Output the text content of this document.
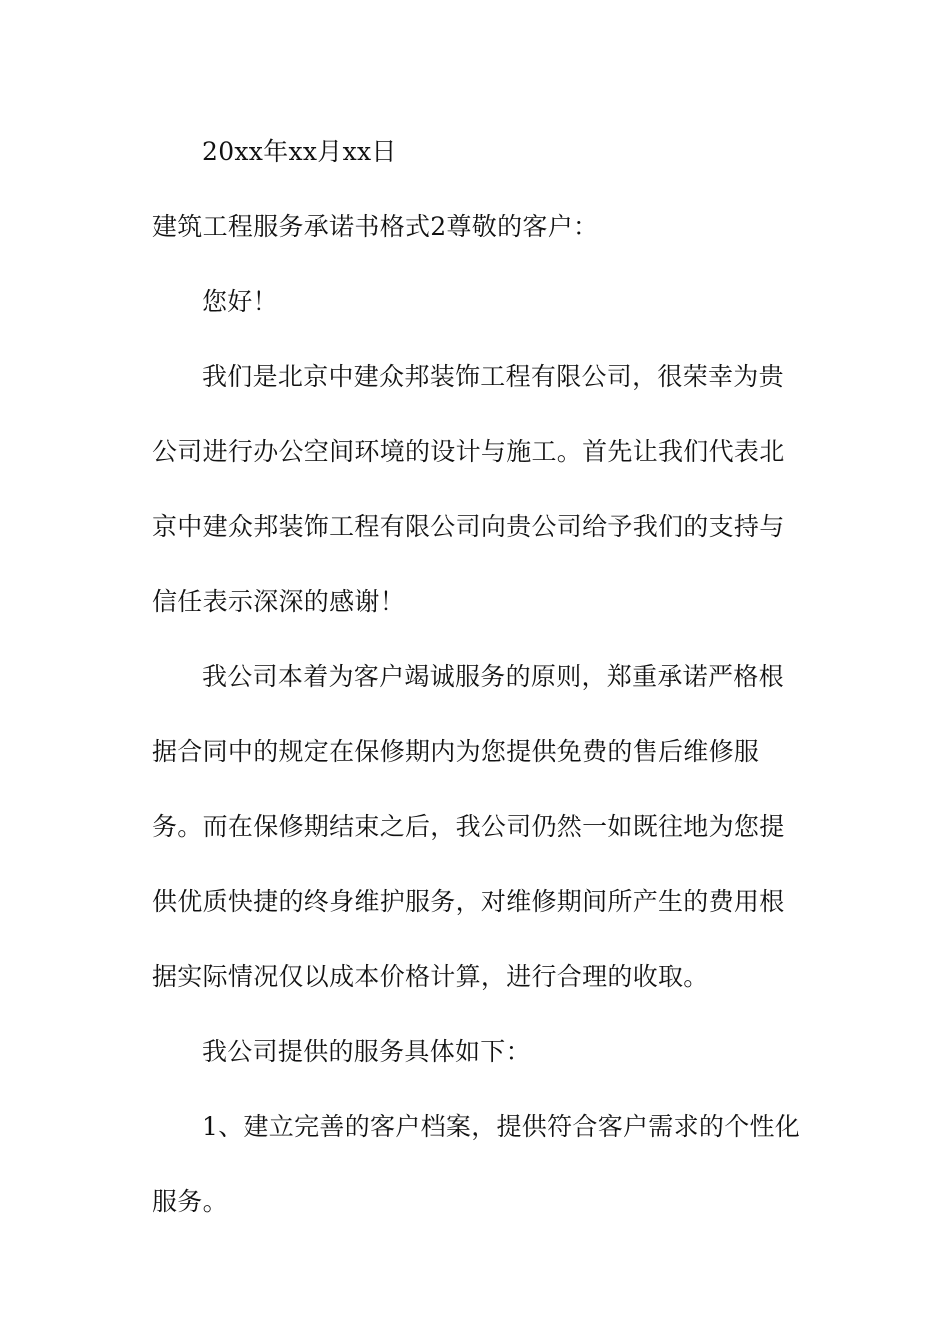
20xx年xx月xx日
建筑工程服务承诺书格式2尊敬的客户：
您好！
我们是北京中建众邦装饰工程有限公司，很荣幸为贵
公司进行办公空间环境的设计与施工。首先让我们代表北
京中建众邦装饰工程有限公司向贵公司给予我们的支持与
信任表示深深的感谢！
我公司本着为客户竭诚服务的原则，郑重承诺严格根
据合同中的规定在保修期内为您提供免费的售后维修服
务。而在保修期结束之后，我公司仍然一如既往地为您提
供优质快捷的终身维护服务，对维修期间所产生的费用根
据实际情况仅以成本价格计算，进行合理的收取。
我公司提供的服务具体如下：
1、建立完善的客户档案，提供符合客户需求的个性化
服务。
